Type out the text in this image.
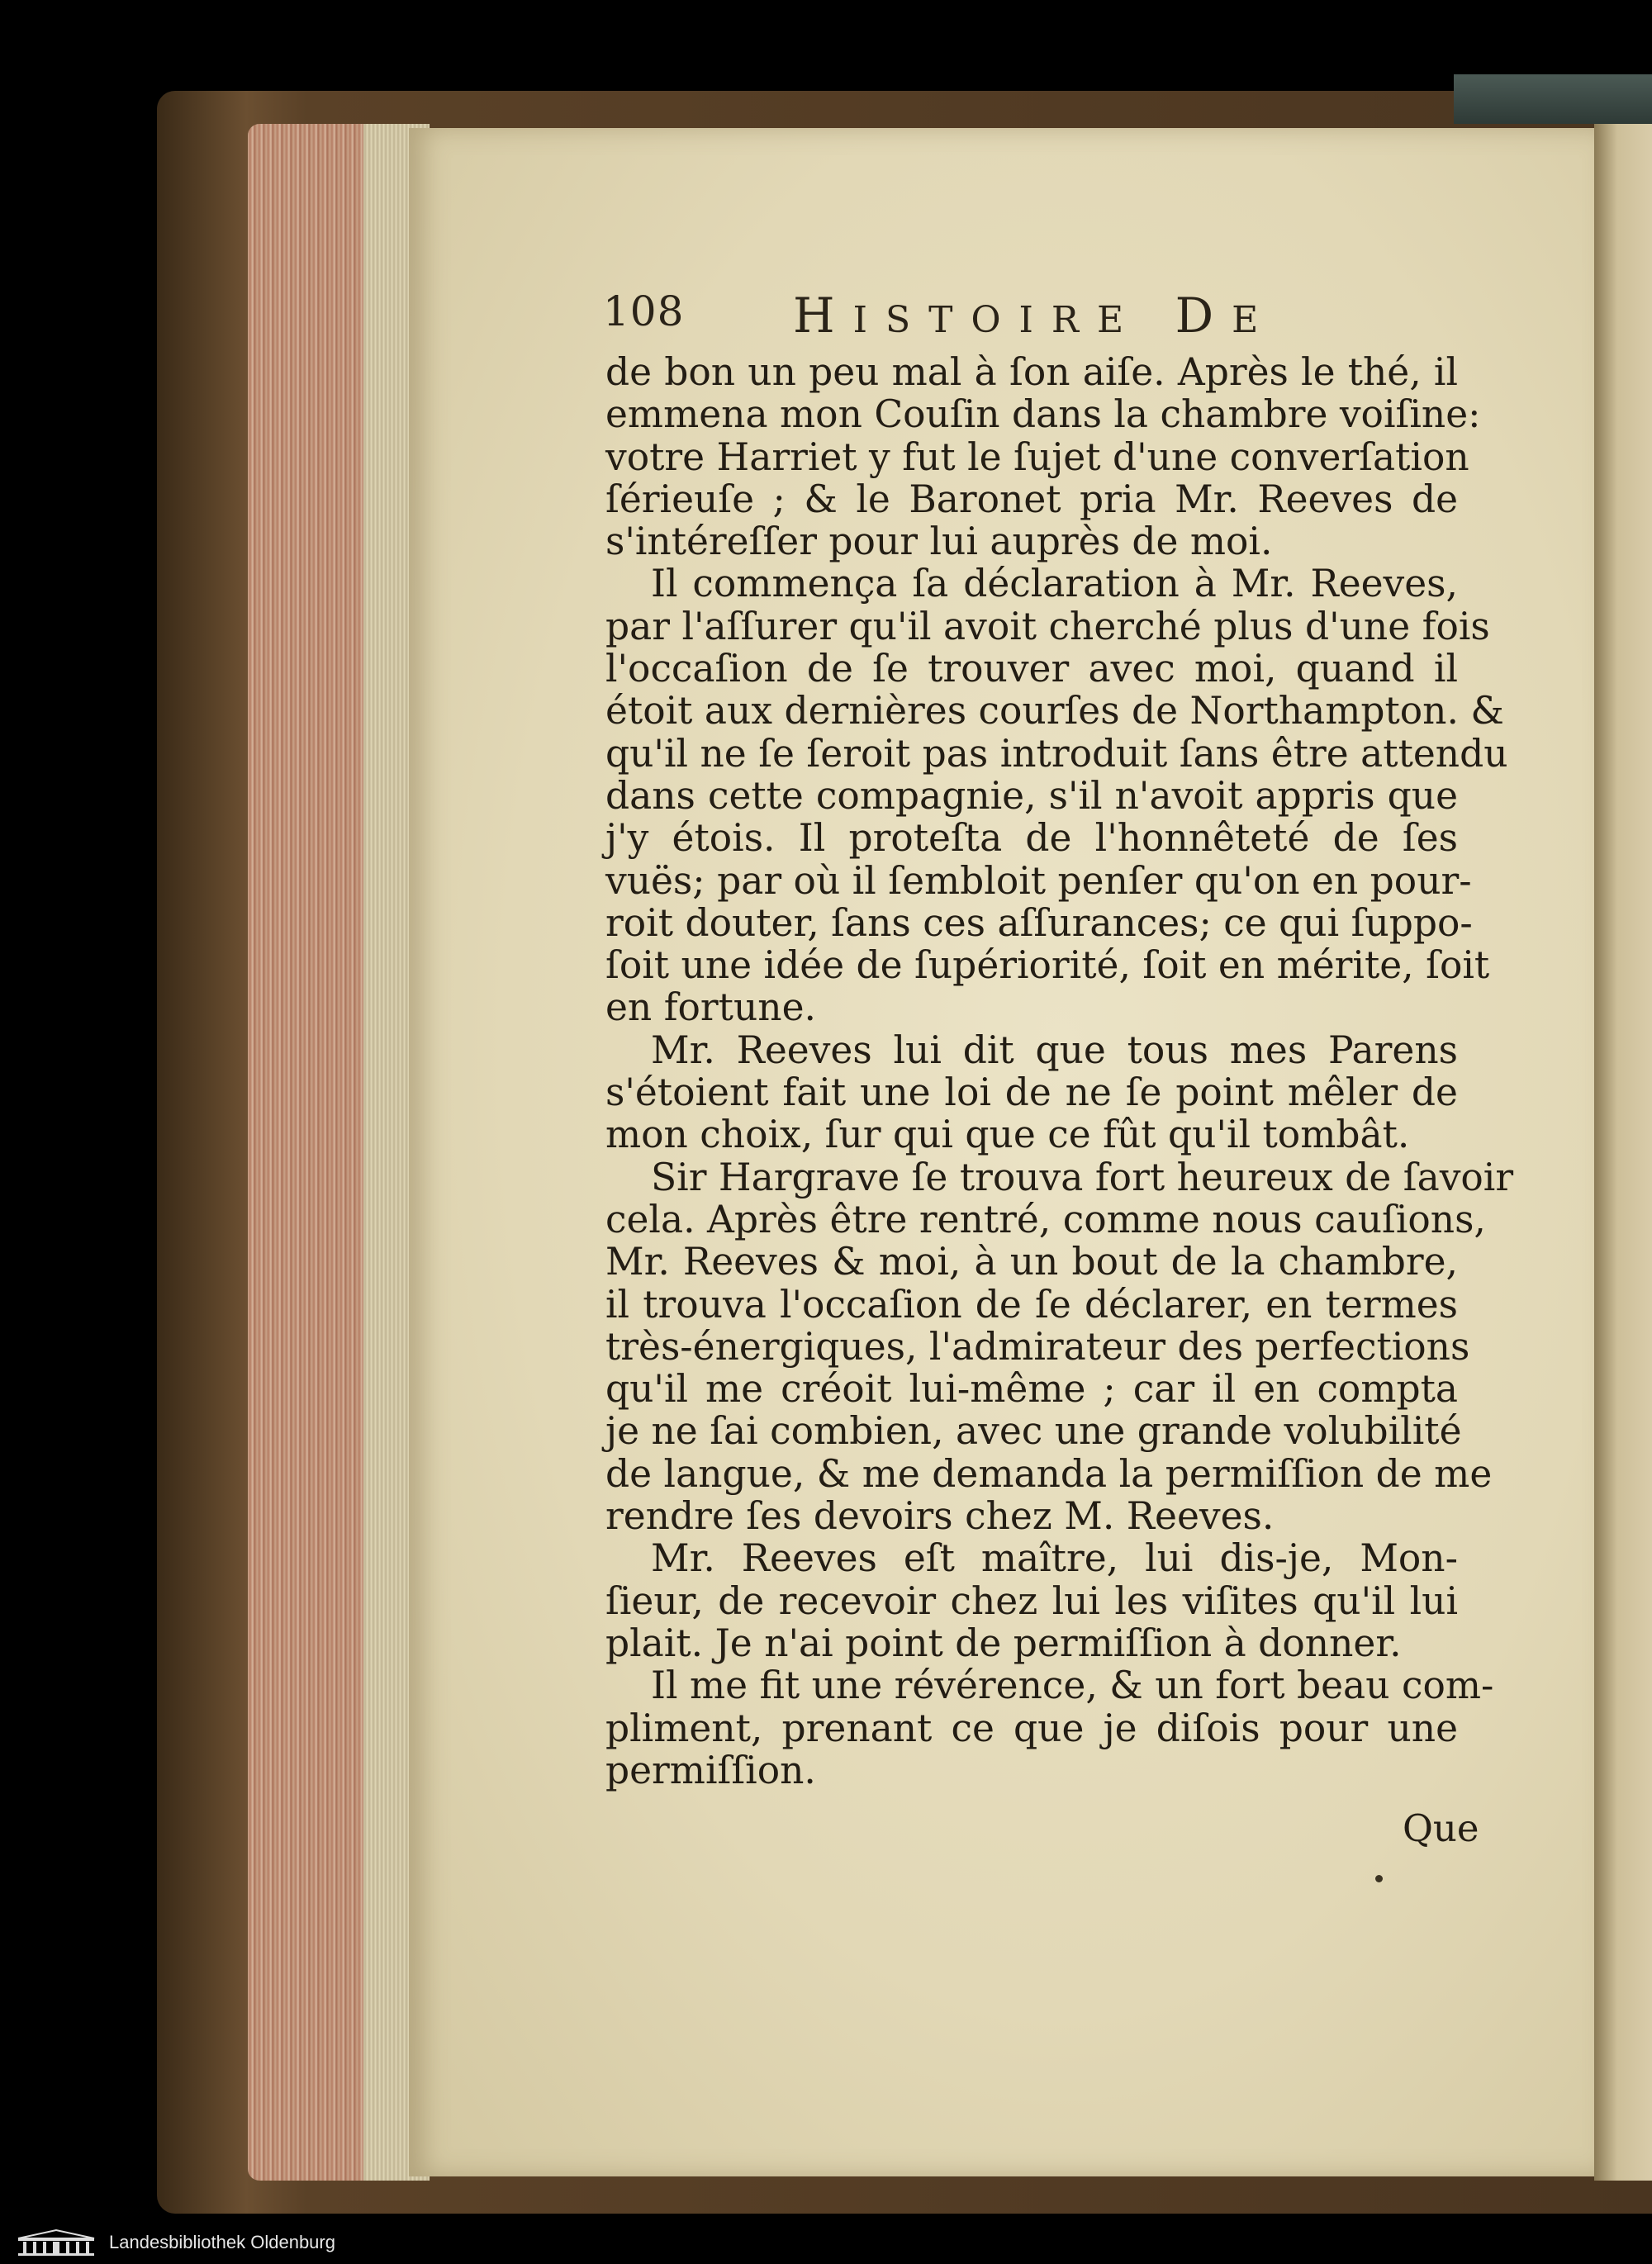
108 HISTOIRE DE
de bon un peu mal à ſon aiſe. Après le thé, il
emmena mon Couſin dans la chambre voiſine:
votre Harriet y fut le ſujet d'une converſation
ſérieuſe ; & le Baronet pria Mr. Reeves de
s'intéreſſer pour lui auprès de moi.
Il commença ſa déclaration à Mr. Reeves,
par l'aſſurer qu'il avoit cherché plus d'une fois
l'occaſion de ſe trouver avec moi, quand il
étoit aux dernières courſes de Northampton. &
qu'il ne ſe ſeroit pas introduit ſans être attendu
dans cette compagnie, s'il n'avoit appris que
j'y étois. Il proteſta de l'honnêteté de ſes
vuës; par où il ſembloit penſer qu'on en pour-
roit douter, ſans ces aſſurances; ce qui ſuppo-
ſoit une idée de ſupériorité, ſoit en mérite, ſoit
en fortune.
Mr. Reeves lui dit que tous mes Parens
s'étoient fait une loi de ne ſe point mêler de
mon choix, ſur qui que ce fût qu'il tombât.
Sir Hargrave ſe trouva fort heureux de ſavoir
cela. Après être rentré, comme nous cauſions,
Mr. Reeves & moi, à un bout de la chambre,
il trouva l'occaſion de ſe déclarer, en termes
très-énergiques, l'admirateur des perfections
qu'il me créoit lui-même ; car il en compta
je ne ſai combien, avec une grande volubilité
de langue, & me demanda la permiſſion de me
rendre ſes devoirs chez M. Reeves.
Mr. Reeves eſt maître, lui dis-je, Mon-
ſieur, de recevoir chez lui les viſites qu'il lui
plait. Je n'ai point de permiſſion à donner.
Il me fit une révérence, & un fort beau com-
pliment, prenant ce que je diſois pour une
permiſſion.
Que
Landesbibliothek Oldenburg
